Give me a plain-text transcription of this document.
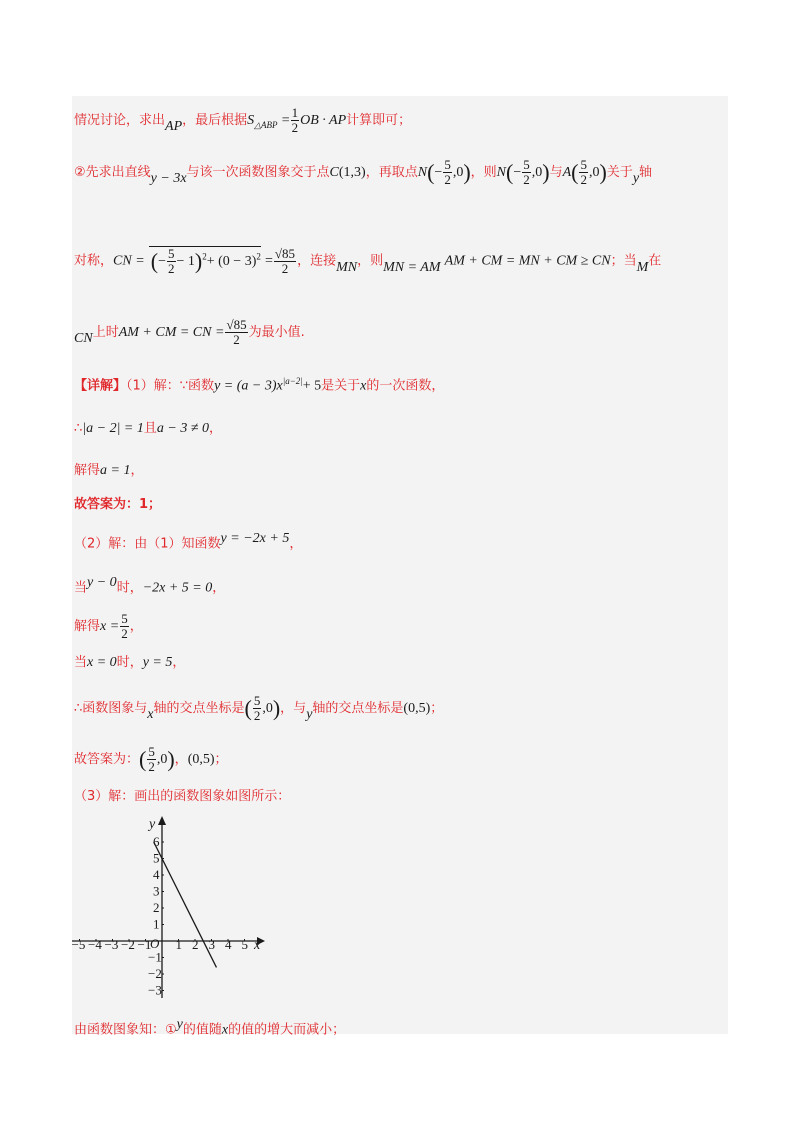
情况讨论，求出AP，最后根据$S_{\triangle ABP} = \frac{1}{2}$ OB · AP计算即可；
②先求出直线y − 3x与该一次函数图象交于点C(1,3)，再取点$N(- \frac{5}{2} ,0)$，则$N(- \frac{5}{2} ,0)$与$A( \frac{5}{2} ,0)$关于y轴
对称，CN = (− $\frac{5}{2} - 1)^2+ (0 - 3)^2 = \frac{√85}{2}$ ，连接MN，则MN = AM AM + CM = MN + CM ≥ CN；当M在
CN上时AM + CM = CN = $\frac{√85}{2}$ 为最小值.
【详解】（1）解：∵函数$y = (a - 3)x^{|a-2|}+ 5$是关于x的一次函数，
∴|a − 2| = 1且a − 3 ≠ 0，
解得a = 1，
故答案为：1；
（2）解：由（1）知函数y = −2x + 5，
当y − 0时，−2x + 5 = 0，
解得$x = \frac{5}{2}$ ，
当x = 0时，y = 5，
∴函数图象与x轴的交点坐标是( $\frac{5}{2} ,0$)，与y轴的交点坐标是(0,5)；
故答案为：( $\frac{5}{2} ,0$)，(0,5)；
（3）解：画出的函数图象如图所示：
x
y
O
−5 −4 −3 −2 −1 1 2 3 4 5
6
5
4
3
2
1
−1
−2
−3
由函数图象知：①y的值随x的值的增大而减小；
